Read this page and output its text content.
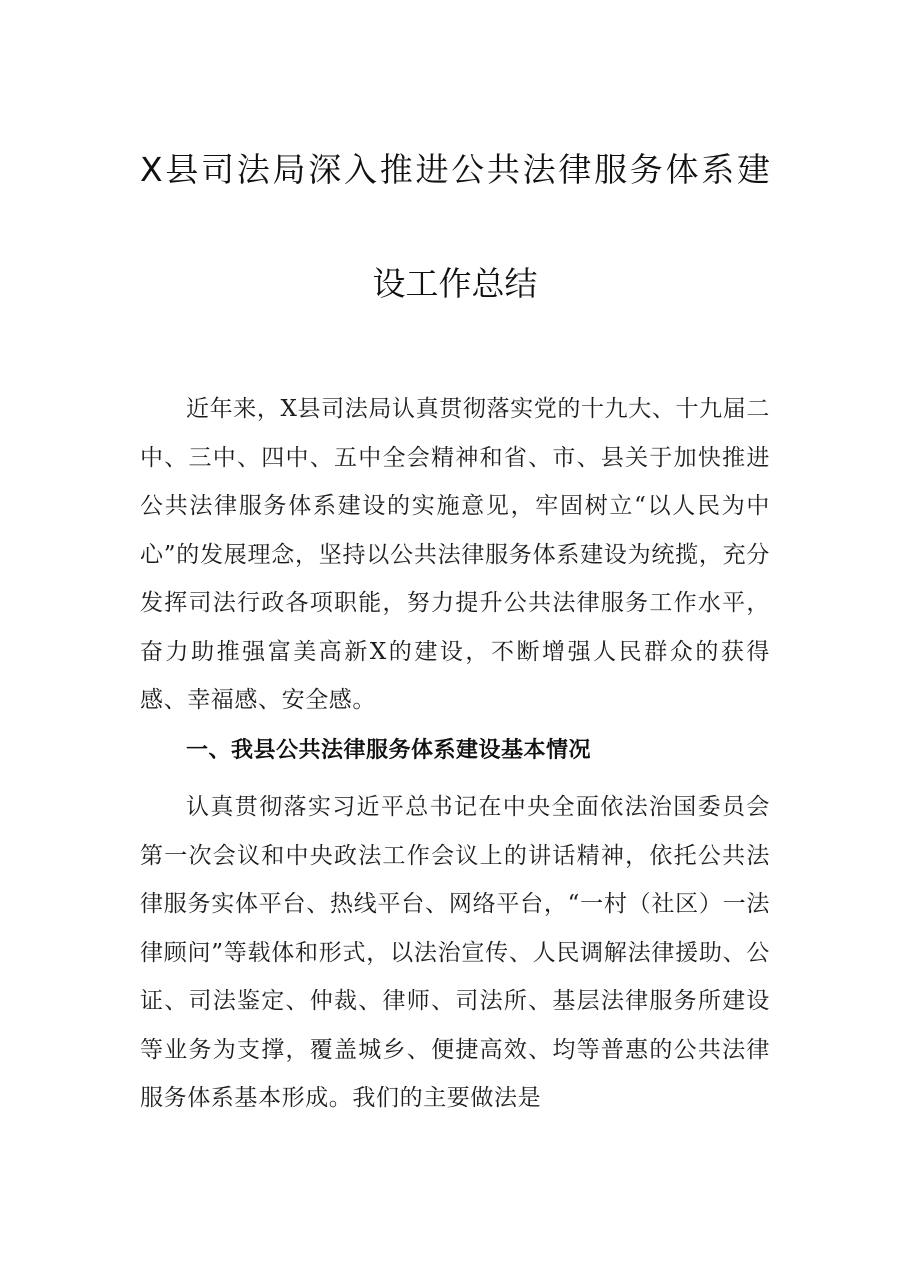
X县司法局深入推进公共法律服务体系建
设工作总结

近年来，X县司法局认真贯彻落实党的十九大、十九届二中、三中、四中、五中全会精神和省、市、县关于加快推进公共法律服务体系建设的实施意见，牢固树立“以人民为中心”的发展理念，坚持以公共法律服务体系建设为统揽，充分发挥司法行政各项职能，努力提升公共法律服务工作水平，奋力助推强富美高新X的建设，不断增强人民群众的获得感、幸福感、安全感。

一、我县公共法律服务体系建设基本情况

认真贯彻落实习近平总书记在中央全面依法治国委员会第一次会议和中央政法工作会议上的讲话精神，依托公共法律服务实体平台、热线平台、网络平台，“一村（社区）一法律顾问”等载体和形式，以法治宣传、人民调解法律援助、公证、司法鉴定、仲裁、律师、司法所、基层法律服务所建设等业务为支撑，覆盖城乡、便捷高效、均等普惠的公共法律服务体系基本形成。我们的主要做法是
